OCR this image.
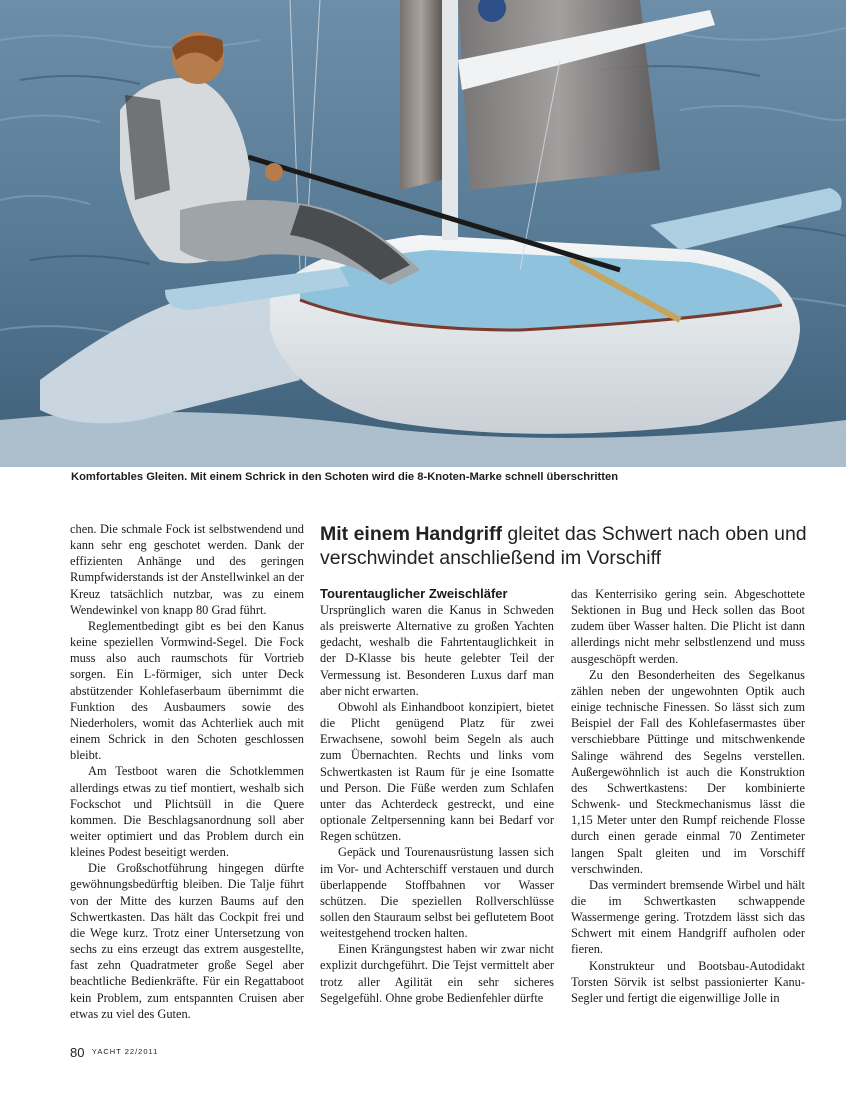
Komfortables Gleiten. Mit einem Schrick in den Schoten wird die 8-Knoten-Marke schnell überschritten

chen. Die schmale Fock ist selbstwendend und kann sehr eng geschotet werden. Dank der effizienten Anhänge und des geringen Rumpfwiderstands ist der Anstellwinkel an der Kreuz tatsächlich nutzbar, was zu einem Wendewinkel von knapp 80 Grad führt.

Reglementbedingt gibt es bei den Kanus keine speziellen Vormwind-Segel. Die Fock muss also auch raumschots für Vortrieb sorgen. Ein L-förmiger, sich unter Deck abstützender Kohlefaserbaum übernimmt die Funktion des Ausbaumers sowie des Niederholers, womit das Achterliek auch mit einem Schrick in den Schoten geschlossen bleibt.

Am Testboot waren die Schotklemmen allerdings etwas zu tief montiert, weshalb sich Fockschot und Plichtsüll in die Quere kommen. Die Beschlagsanordnung soll aber weiter optimiert und das Problem durch ein kleines Podest beseitigt werden.

Die Großschotführung hingegen dürfte gewöhnungsbedürftig bleiben. Die Talje führt von der Mitte des kurzen Baums auf den Schwertkasten. Das hält das Cockpit frei und die Wege kurz. Trotz einer Untersetzung von sechs zu eins erzeugt das extrem ausgestellte, fast zehn Quadratmeter große Segel aber beachtliche Bedienkräfte. Für ein Regattaboot kein Problem, zum entspannten Cruisen aber etwas zu viel des Guten.

Mit einem Handgriff gleitet das Schwert nach oben und verschwindet anschließend im Vorschiff
Tourentauglicher Zweischläfer

Ursprünglich waren die Kanus in Schweden als preiswerte Alternative zu großen Yachten gedacht, weshalb die Fahrtentauglichkeit in der D-Klasse bis heute gelebter Teil der Vermessung ist. Besonderen Luxus darf man aber nicht erwarten.

Obwohl als Einhandboot konzipiert, bietet die Plicht genügend Platz für zwei Erwachsene, sowohl beim Segeln als auch zum Übernachten. Rechts und links vom Schwertkasten ist Raum für je eine Isomatte und Person. Die Füße werden zum Schlafen unter das Achterdeck gestreckt, und eine optionale Zeltpersenning kann bei Bedarf vor Regen schützen.

Gepäck und Tourenausrüstung lassen sich im Vor- und Achterschiff verstauen und durch überlappende Stoffbahnen vor Wasser schützen. Die speziellen Rollverschlüsse sollen den Stauraum selbst bei geflutetem Boot weitestgehend trocken halten.

Einen Krängungstest haben wir zwar nicht explizit durchgeführt. Die Tejst vermittelt aber trotz aller Agilität ein sehr sicheres Segelgefühl. Ohne grobe Bedienfehler dürfte

das Kenterrisiko gering sein. Abgeschottete Sektionen in Bug und Heck sollen das Boot zudem über Wasser halten. Die Plicht ist dann allerdings nicht mehr selbstlenzend und muss ausgeschöpft werden.

Zu den Besonderheiten des Segelkanus zählen neben der ungewohnten Optik auch einige technische Finessen. So lässt sich zum Beispiel der Fall des Kohlefasermastes über verschiebbare Püttinge und mitschwenkende Salinge während des Segelns verstellen. Außergewöhnlich ist auch die Konstruktion des Schwertkastens: Der kombinierte Schwenk- und Steckmechanismus lässt die 1,15 Meter unter den Rumpf reichende Flosse durch einen gerade einmal 70 Zentimeter langen Spalt gleiten und im Vorschiff verschwinden.

Das vermindert bremsende Wirbel und hält die im Schwertkasten schwappende Wassermenge gering. Trotzdem lässt sich das Schwert mit einem Handgriff aufholen oder fieren.

Konstrukteur und Bootsbau-Autodidakt Torsten Sörvik ist selbst passionierter Kanu-Segler und fertigt die eigenwillige Jolle in

80 YACHT 22/2011
